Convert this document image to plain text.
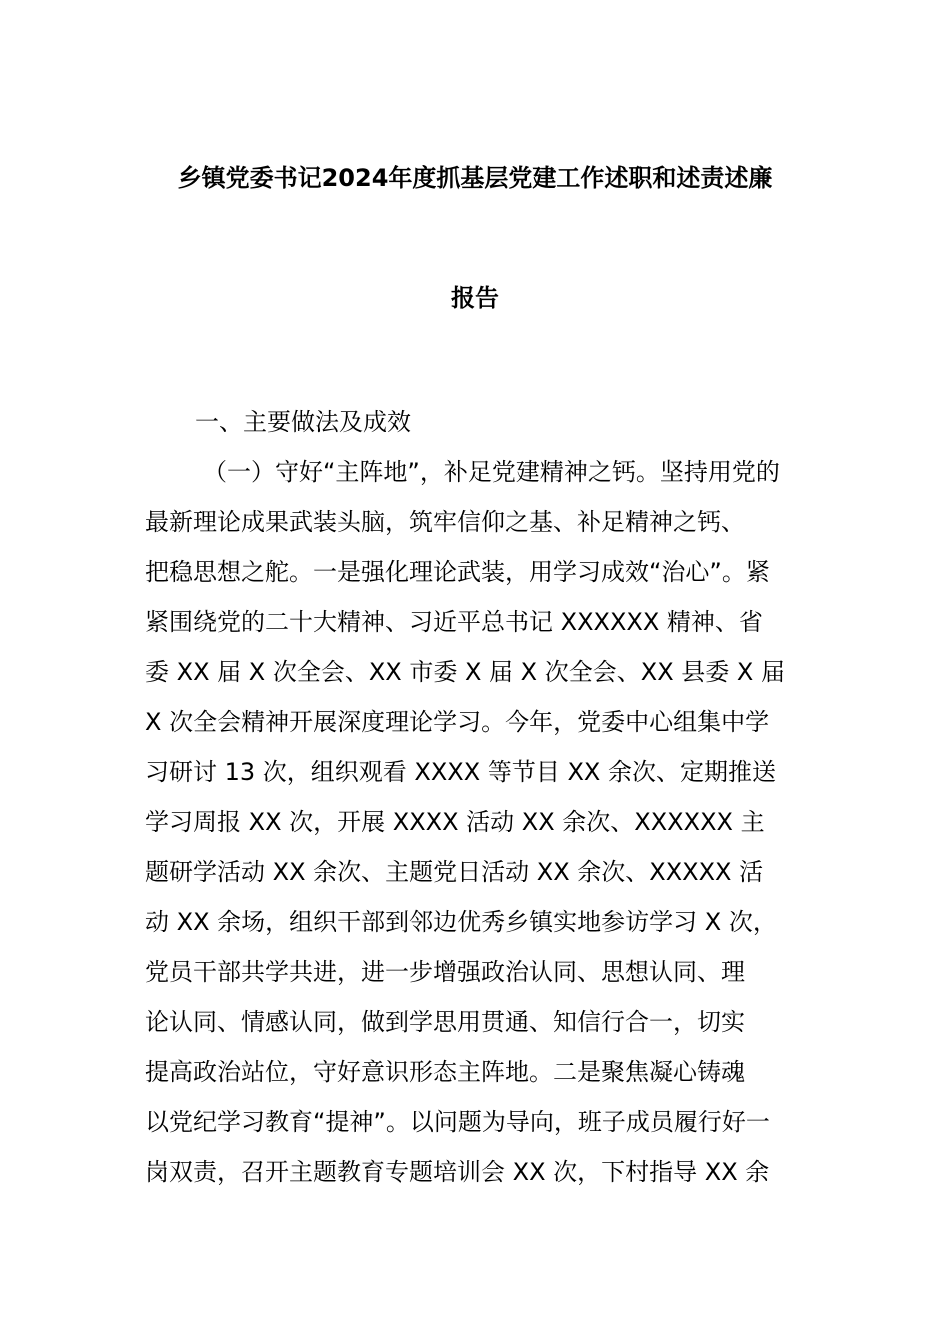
乡镇党委书记2024年度抓基层党建工作述职和述责述廉
报告
一、主要做法及成效
（一）守好“主阵地”，补足党建精神之钙。坚持用党的
最新理论成果武装头脑，筑牢信仰之基、补足精神之钙、
把稳思想之舵。一是强化理论武装，用学习成效“治心”。紧
紧围绕党的二十大精神、习近平总书记 XXXXXX 精神、省
委 XX 届 X 次全会、XX 市委 X 届 X 次全会、XX 县委 X 届
X 次全会精神开展深度理论学习。今年，党委中心组集中学
习研讨 13 次，组织观看 XXXX 等节目 XX 余次、定期推送
学习周报 XX 次，开展 XXXX 活动 XX 余次、XXXXXX 主
题研学活动 XX 余次、主题党日活动 XX 余次、XXXXX 活
动 XX 余场，组织干部到邻边优秀乡镇实地参访学习 X 次，
党员干部共学共进，进一步增强政治认同、思想认同、理
论认同、情感认同，做到学思用贯通、知信行合一，切实
提高政治站位，守好意识形态主阵地。二是聚焦凝心铸魂
以党纪学习教育“提神”。以问题为导向，班子成员履行好一
岗双责，召开主题教育专题培训会 XX 次，下村指导 XX 余
